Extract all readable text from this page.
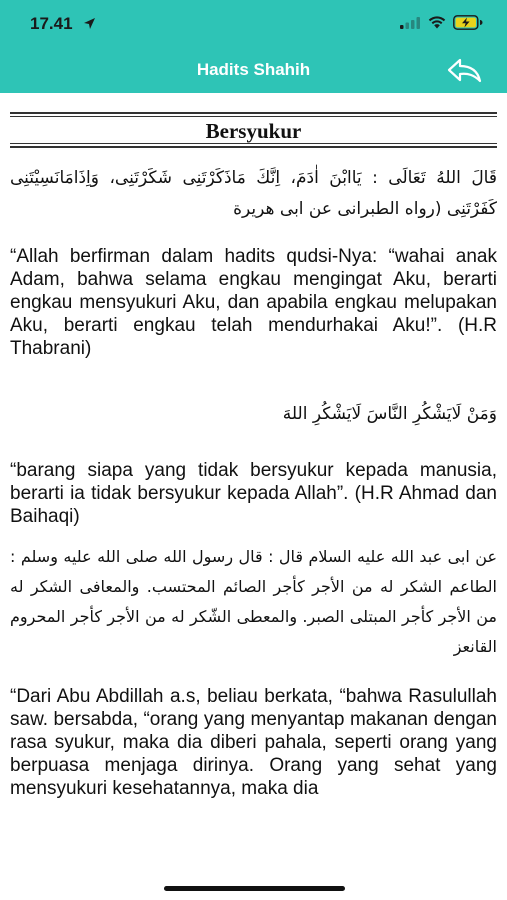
17.41
Hadits Shahih
Bersyukur
قَالَ اللهُ تَعَالَى : يَاابْنَ اٰدَمَ، اِنَّكَ مَاذَكَرْتَنِى شَكَرْتَنِى، وَاِذَامَانَسِيْتَنِى كَفَرْتَنِى (رواه الطبرانى عن ابى هريرة
“Allah berfirman dalam hadits qudsi-Nya: “wahai anak Adam, bahwa selama engkau mengingat Aku, berarti engkau mensyukuri Aku, dan apabila engkau melupakan Aku, berarti engkau telah mendurhakai Aku!”. (H.R Thabrani)
وَمَنْ لَايَشْكُرِ النَّاسَ لَايَشْكُرِ اللهَ
“barang siapa yang tidak bersyukur kepada manusia, berarti ia tidak bersyukur kepada Allah”. (H.R Ahmad dan Baihaqi)
عن ابى عبد الله عليه السلام قال : قال رسول الله صلى الله عليه وسلم : الطاعم الشكر له من الأجر كأجر الصائم المحتسب. والمعافى الشكر له من الأجر كأجر المبتلى الصبر. والمعطى الشّكر له من الأجر كأجر المحروم القانعز
“Dari Abu Abdillah a.s, beliau berkata, “bahwa Rasulullah saw. bersabda, “orang yang menyantap makanan dengan rasa syukur, maka dia diberi pahala, seperti orang yang berpuasa menjaga dirinya. Orang yang sehat yang mensyukuri kesehatannya, maka dia
